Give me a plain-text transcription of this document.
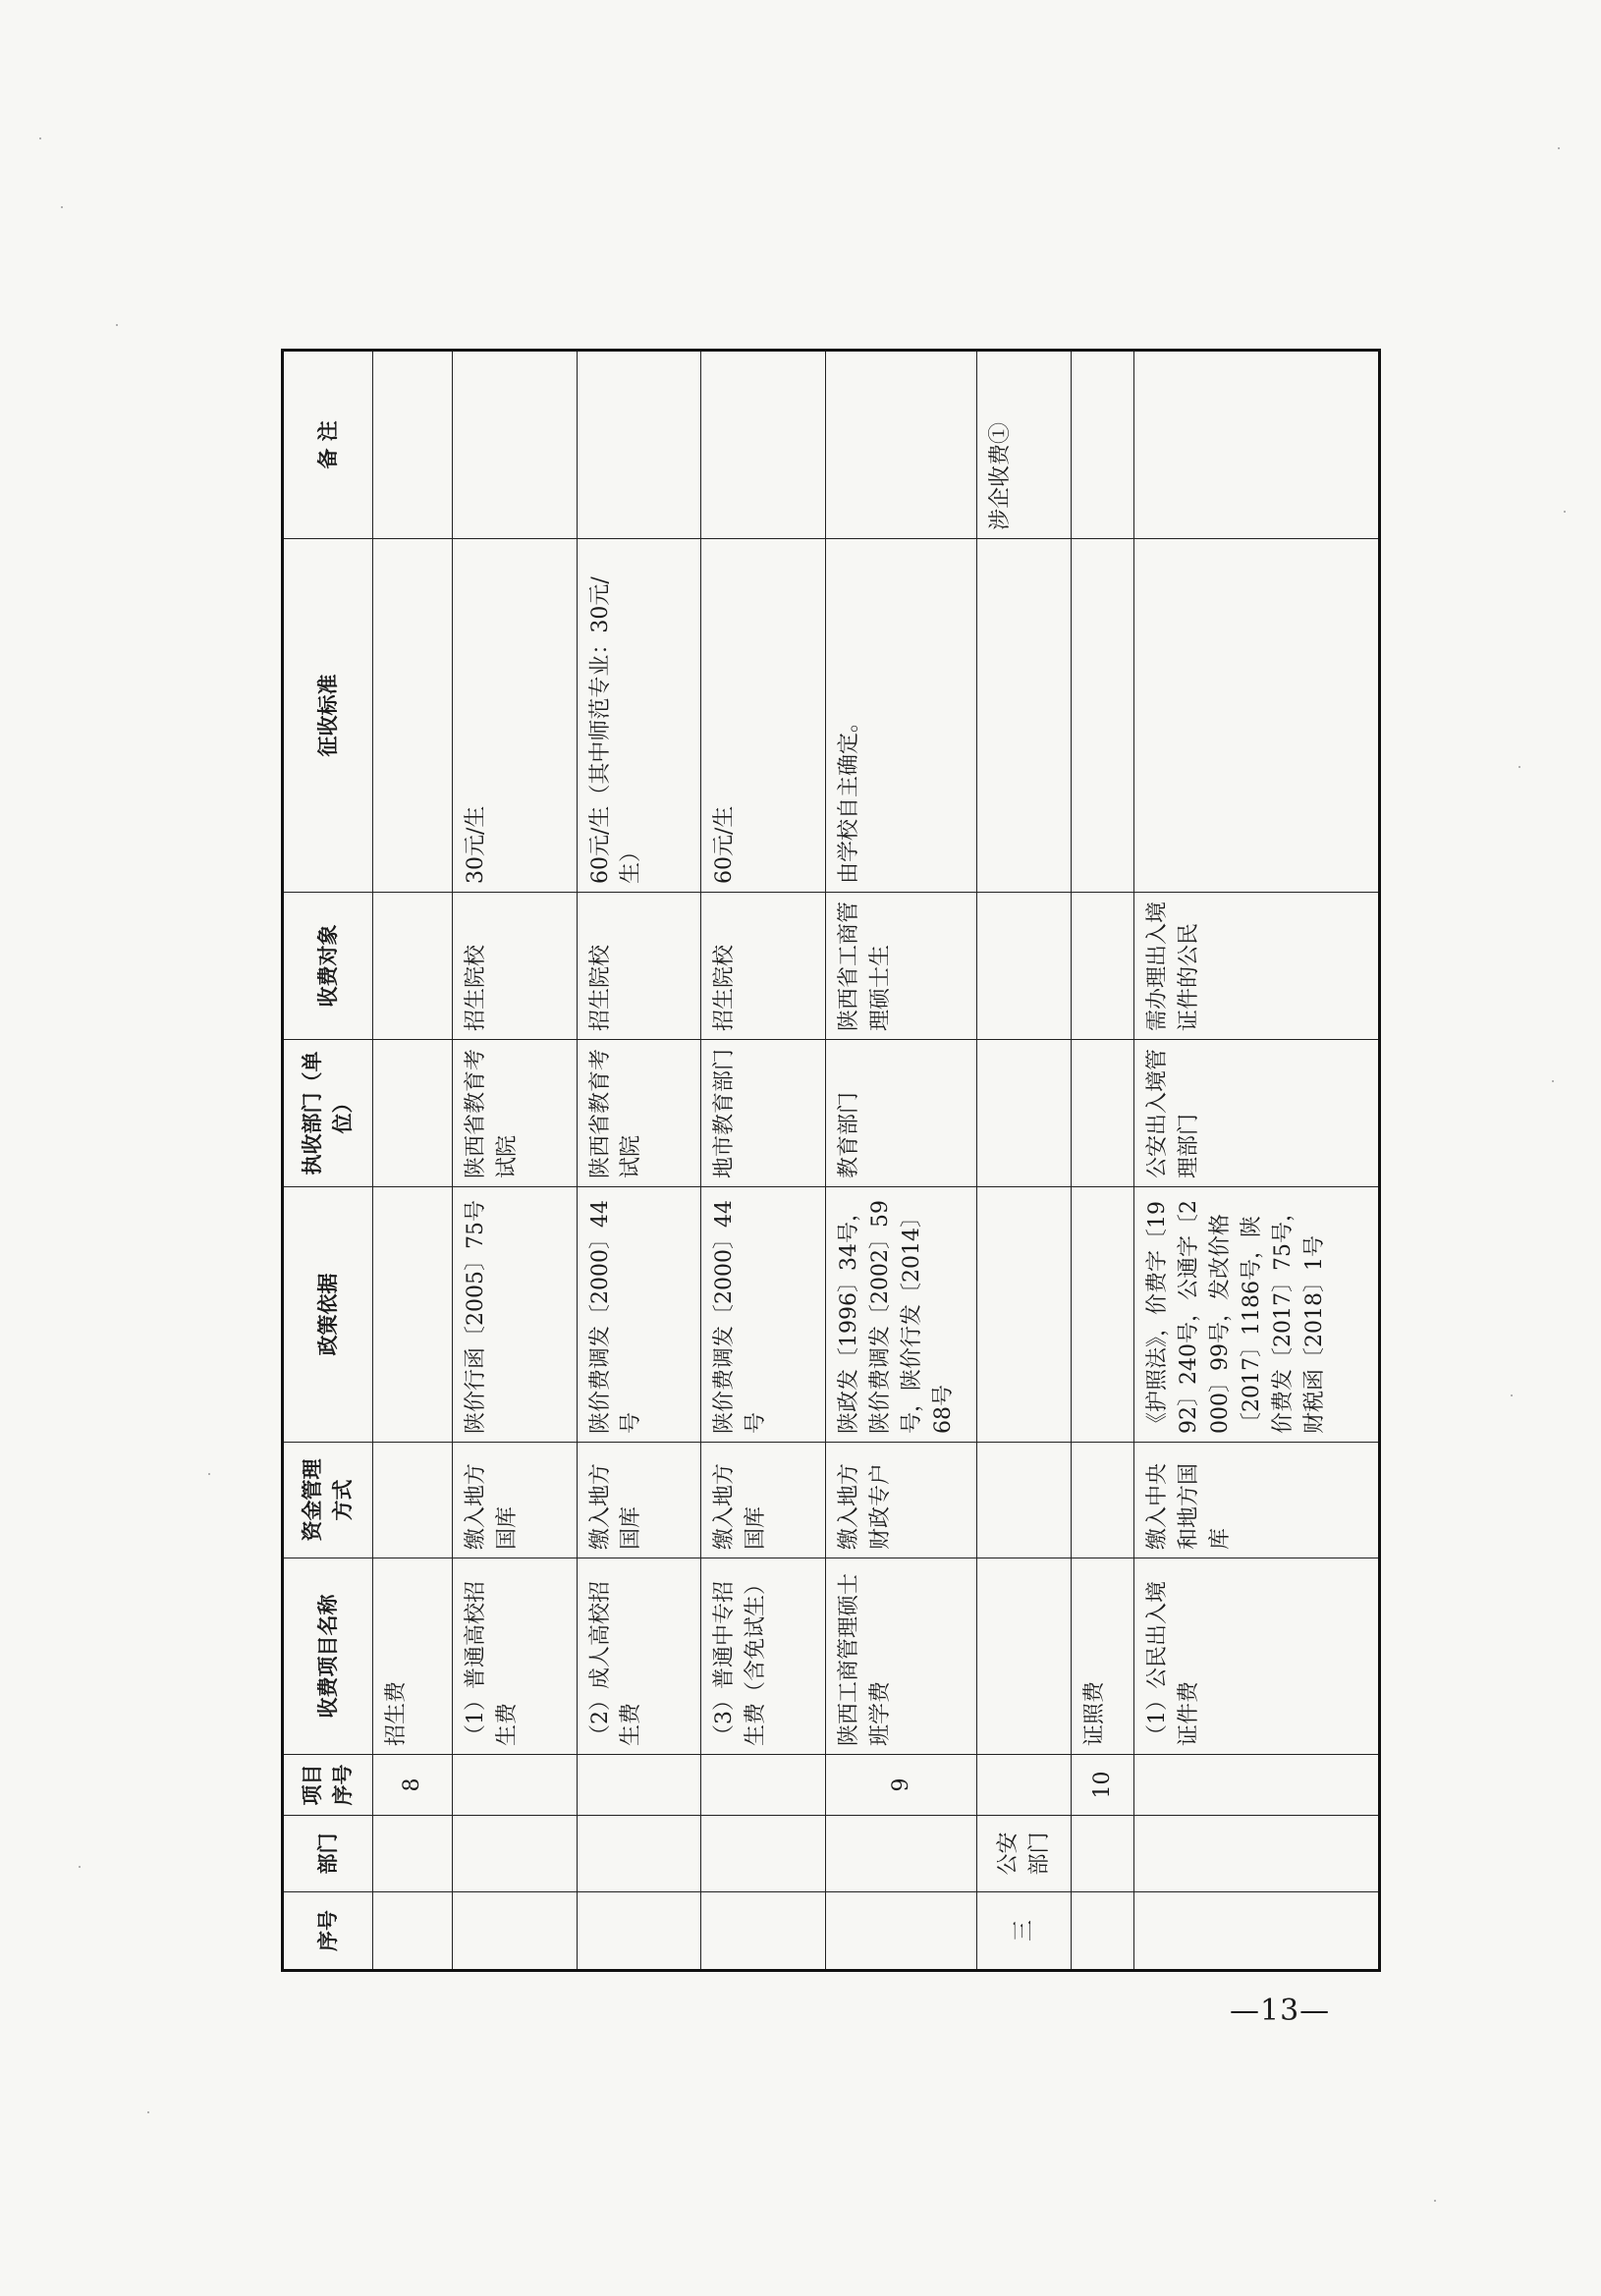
序号	部门	项目序号	收费项目名称	资金管理方式	政策依据	执收部门（单位）	收费对象	征收标准	备 注
		8	招生费						
			（1）普通高校招生费	缴入地方国库	陕价行函〔2005〕75号	陕西省教育考试院	招生院校	30元/生	
			（2）成人高校招生费	缴入地方国库	陕价费调发〔2000〕44号	陕西省教育考试院	招生院校	60元/生（其中师范专业：30元/生）	
			（3）普通中专招生费（含免试生）	缴入地方国库	陕价费调发〔2000〕44号	地市教育部门	招生院校	60元/生	
		9	陕西工商管理硕士班学费	缴入地方财政专户	陕政发〔1996〕34号，陕价费调发〔2002〕59号，陕价行发〔2014〕68号	教育部门	陕西省工商管理硕士生	由学校自主确定。	
三	公安部门								涉企收费①
		10	证照费						
			（1）公民出入境证件费	缴入中央和地方国库	《护照法》，价费字〔1992〕240号，公通字〔2000〕99号，发改价格〔2017〕1186号，陕价费发〔2017〕75号，财税函〔2018〕1号	公安出入境管理部门	需办理出入境证件的公民		
—13—
